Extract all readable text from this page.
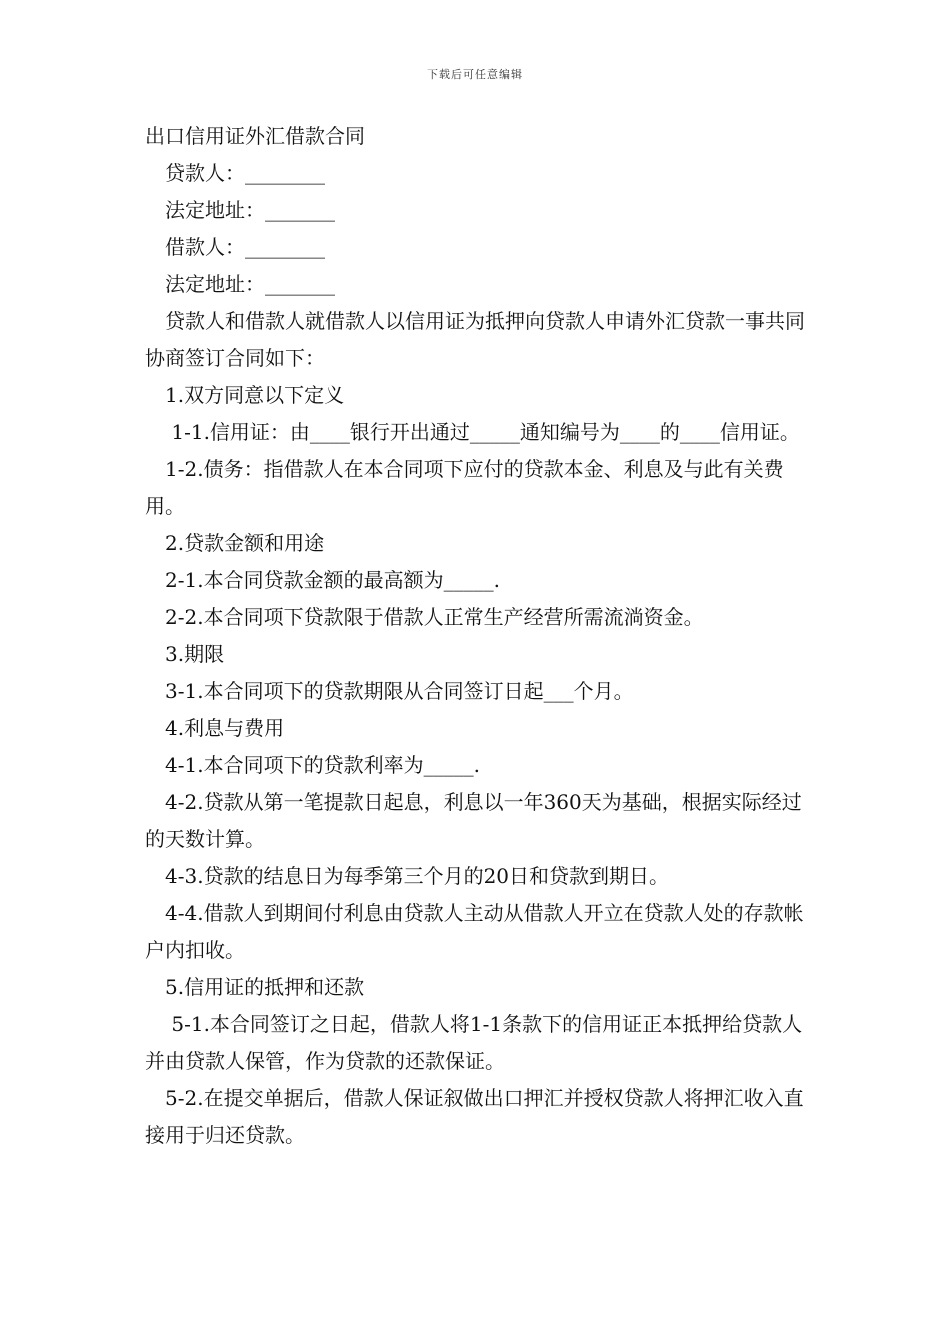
下载后可任意编辑

出口信用证外汇借款合同

贷款人：________

法定地址：_______

借款人：________

法定地址：_______

贷款人和借款人就借款人以信用证为抵押向贷款人申请外汇贷款一事共同协商签订合同如下：

1.双方同意以下定义

1-1.信用证：由____银行开出通过_____通知编号为____的____信用证。

1-2.债务：指借款人在本合同项下应付的贷款本金、利息及与此有关费用。

2.贷款金额和用途

2-1.本合同贷款金额的最高额为_____.

2-2.本合同项下贷款限于借款人正常生产经营所需流淌资金。

3.期限

3-1.本合同项下的贷款期限从合同签订日起___个月。

4.利息与费用

4-1.本合同项下的贷款利率为_____.

4-2.贷款从第一笔提款日起息，利息以一年360天为基础，根据实际经过的天数计算。

4-3.贷款的结息日为每季第三个月的20日和贷款到期日。

4-4.借款人到期间付利息由贷款人主动从借款人开立在贷款人处的存款帐户内扣收。

5.信用证的抵押和还款

5-1.本合同签订之日起，借款人将1-1条款下的信用证正本抵押给贷款人并由贷款人保管，作为贷款的还款保证。

5-2.在提交单据后，借款人保证叙做出口押汇并授权贷款人将押汇收入直接用于归还贷款。
